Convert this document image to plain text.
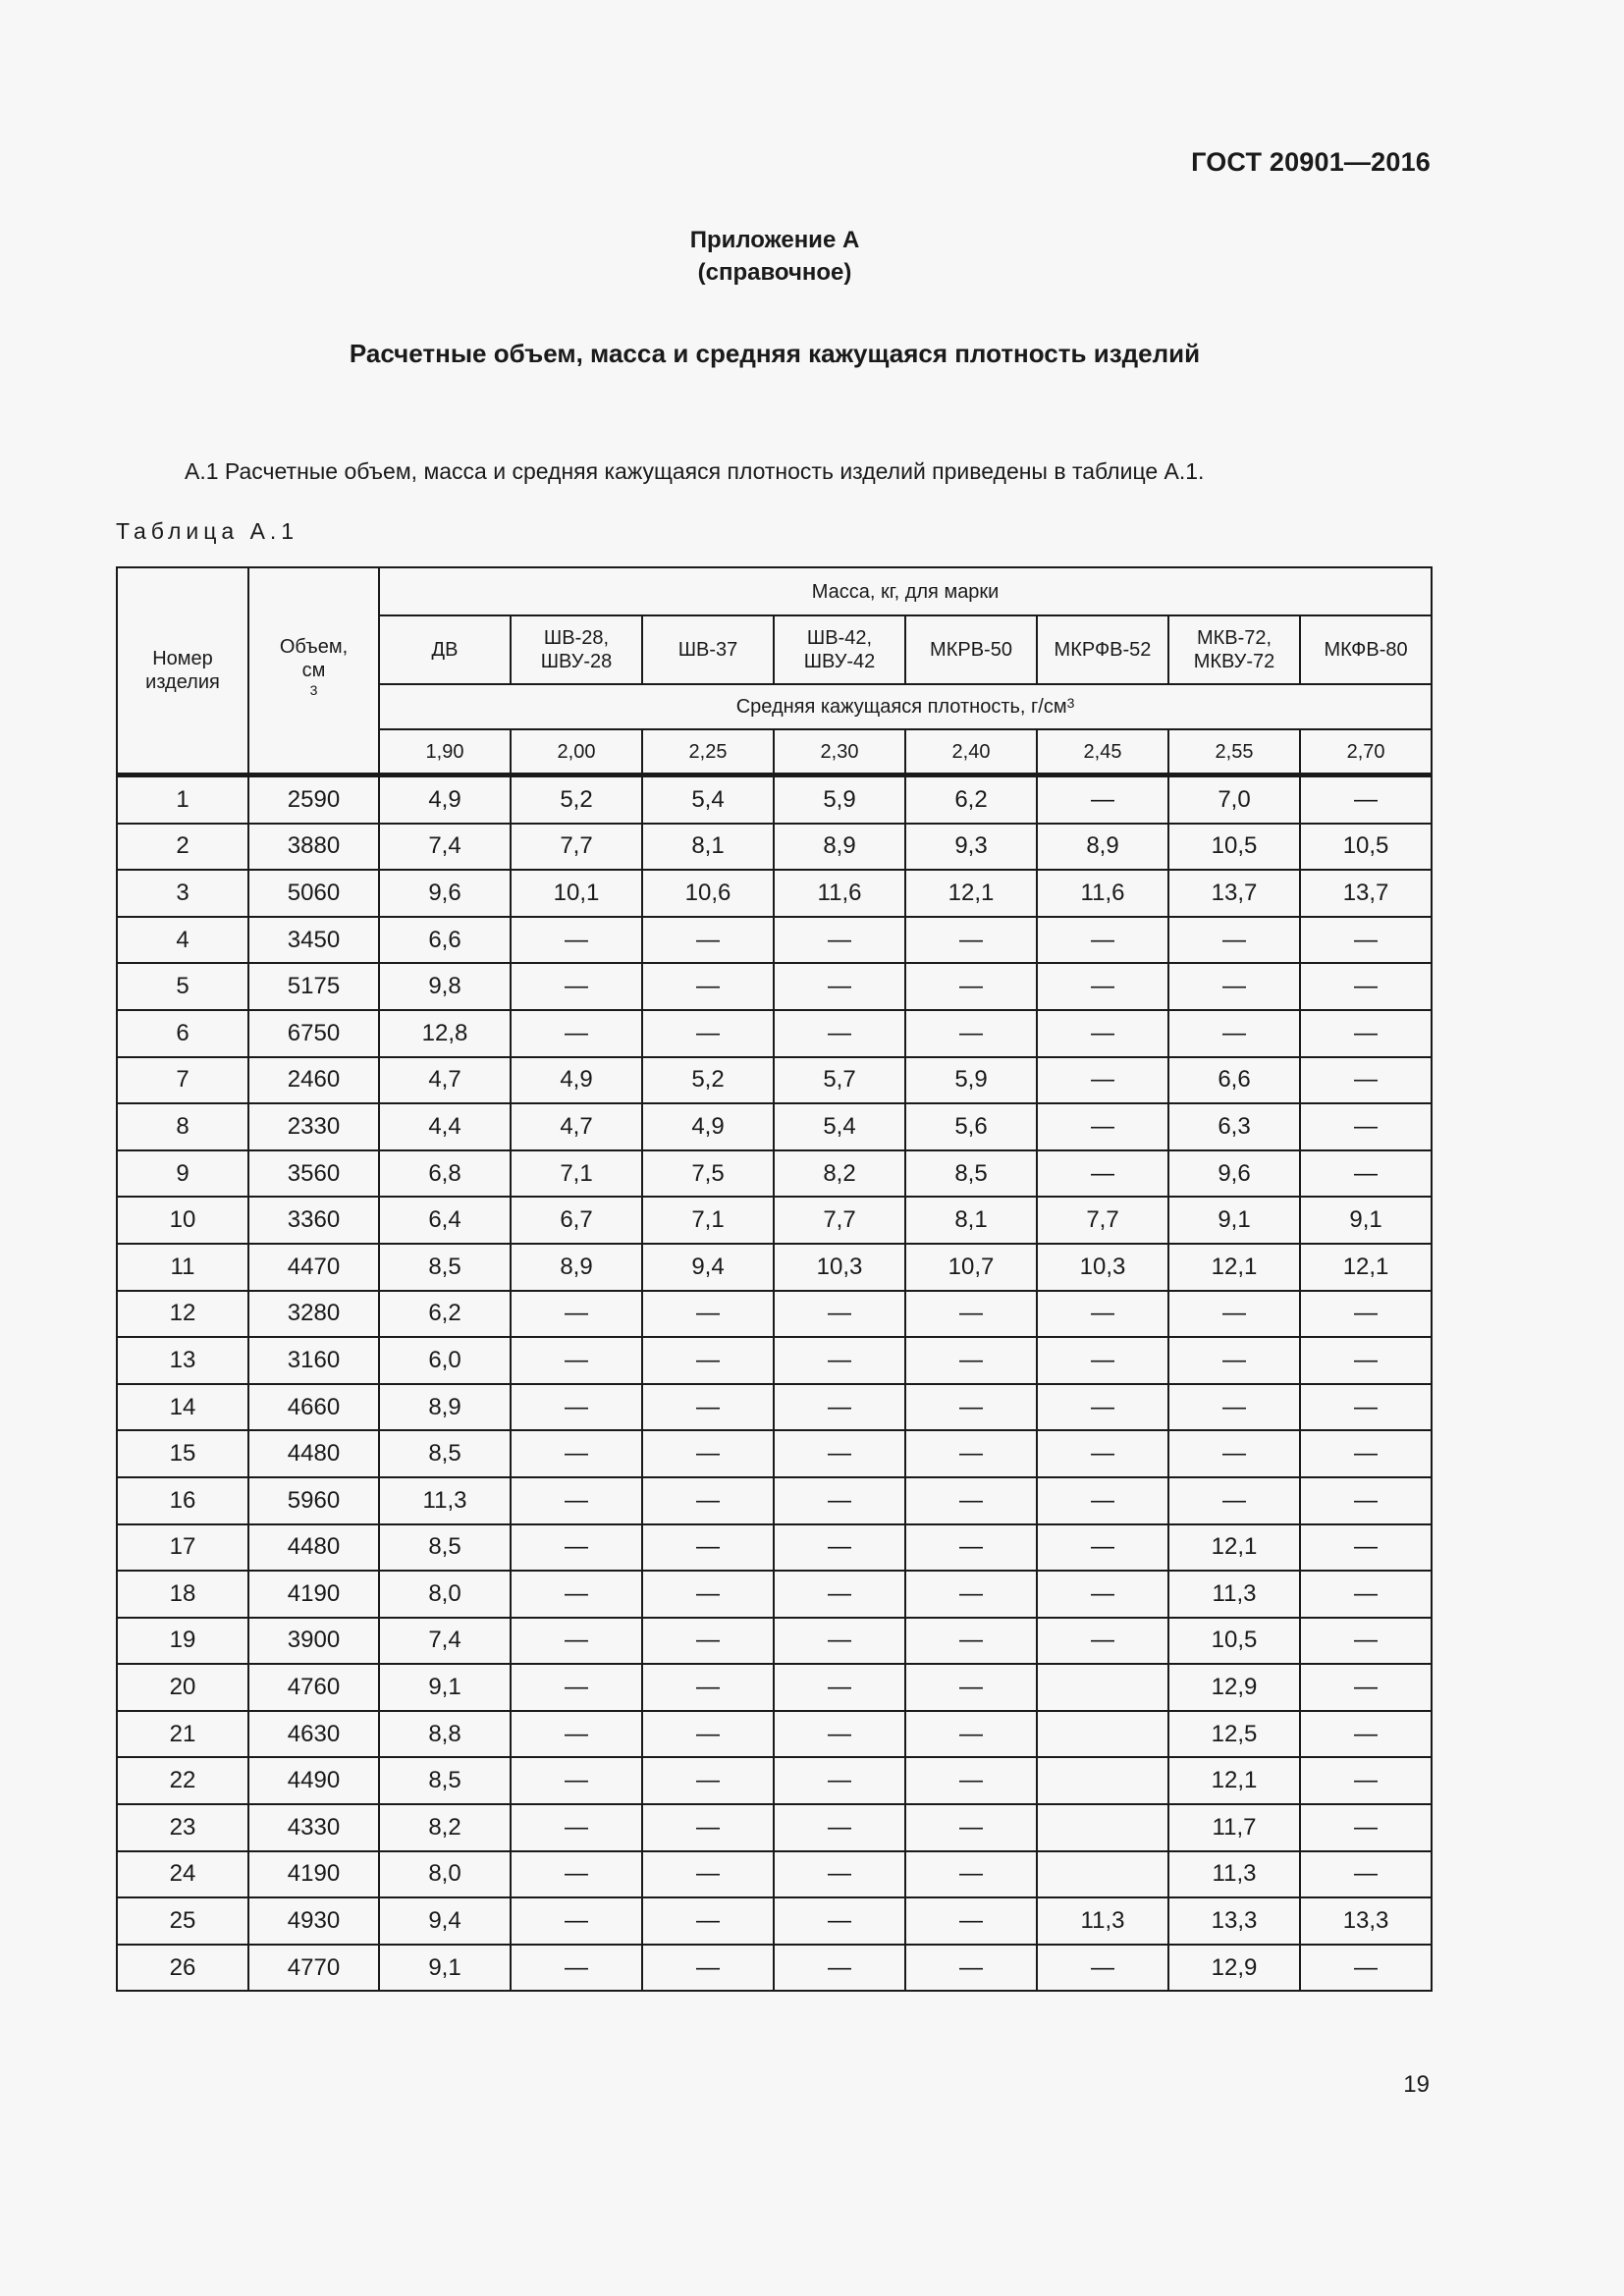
ГОСТ 20901—2016
Приложение А
(справочное)
Расчетные объем, масса и средняя кажущаяся плотность изделий
А.1 Расчетные объем, масса и средняя кажущаяся плотность изделий приведены в таблице А.1.
Таблица А.1
Номер изделия	Объем, $см^3$	Масса, кг, для марки							
		ДВ	ШВ-28, ШВУ-28	ШВ-37	ШВ-42, ШВУ-42	МКРВ-50	МКРФВ-52	МКВ-72, МКВУ-72	МКФВ-80
		Средняя кажущаяся плотность, $г/см^3$
		1,90	2,00	2,25	2,30	2,40	2,45	2,55	2,70
1	2590	4,9	5,2	5,4	5,9	6,2	—	7,0	—
2	3880	7,4	7,7	8,1	8,9	9,3	8,9	10,5	10,5
3	5060	9,6	10,1	10,6	11,6	12,1	11,6	13,7	13,7
4	3450	6,6	—	—	—	—	—	—	—
5	5175	9,8	—	—	—	—	—	—	—
6	6750	12,8	—	—	—	—	—	—	—
7	2460	4,7	4,9	5,2	5,7	5,9	—	6,6	—
8	2330	4,4	4,7	4,9	5,4	5,6	—	6,3	—
9	3560	6,8	7,1	7,5	8,2	8,5	—	9,6	—
10	3360	6,4	6,7	7,1	7,7	8,1	7,7	9,1	9,1
11	4470	8,5	8,9	9,4	10,3	10,7	10,3	12,1	12,1
12	3280	6,2	—	—	—	—	—	—	—
13	3160	6,0	—	—	—	—	—	—	—
14	4660	8,9	—	—	—	—	—	—	—
15	4480	8,5	—	—	—	—	—	—	—
16	5960	11,3	—	—	—	—	—	—	—
17	4480	8,5	—	—	—	—	—	12,1	—
18	4190	8,0	—	—	—	—	—	11,3	—
19	3900	7,4	—	—	—	—	—	10,5	—
20	4760	9,1	—	—	—	—		12,9	—
21	4630	8,8	—	—	—	—		12,5	—
22	4490	8,5	—	—	—	—		12,1	—
23	4330	8,2	—	—	—	—		11,7	—
24	4190	8,0	—	—	—	—		11,3	—
25	4930	9,4	—	—	—	—	11,3	13,3	13,3
26	4770	9,1	—	—	—	—	—	12,9	—
19
